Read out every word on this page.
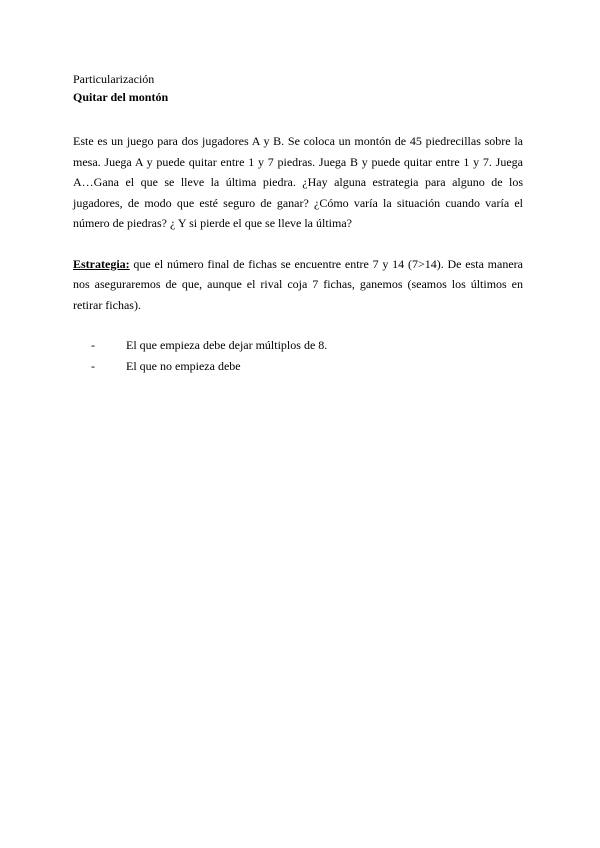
Particularización

Quitar del montón

Este es un juego para dos jugadores A y B. Se coloca un montón de 45 piedrecillas sobre la mesa. Juega A y puede quitar entre 1 y 7 piedras. Juega B y puede quitar entre 1 y 7. Juega A…Gana el que se lleve la última piedra. ¿Hay alguna estrategia para alguno de los jugadores, de modo que esté seguro de ganar? ¿Cómo varía la situación cuando varía el número de piedras? ¿ Y si pierde el que se lleve la última?

Estrategia: que el número final de fichas se encuentre entre 7 y 14 (7>14). De esta manera nos aseguraremos de que, aunque el rival coja 7 fichas, ganemos (seamos los últimos en retirar fichas).

-	El que empieza debe dejar múltiplos de 8.
-	El que no empieza debe
